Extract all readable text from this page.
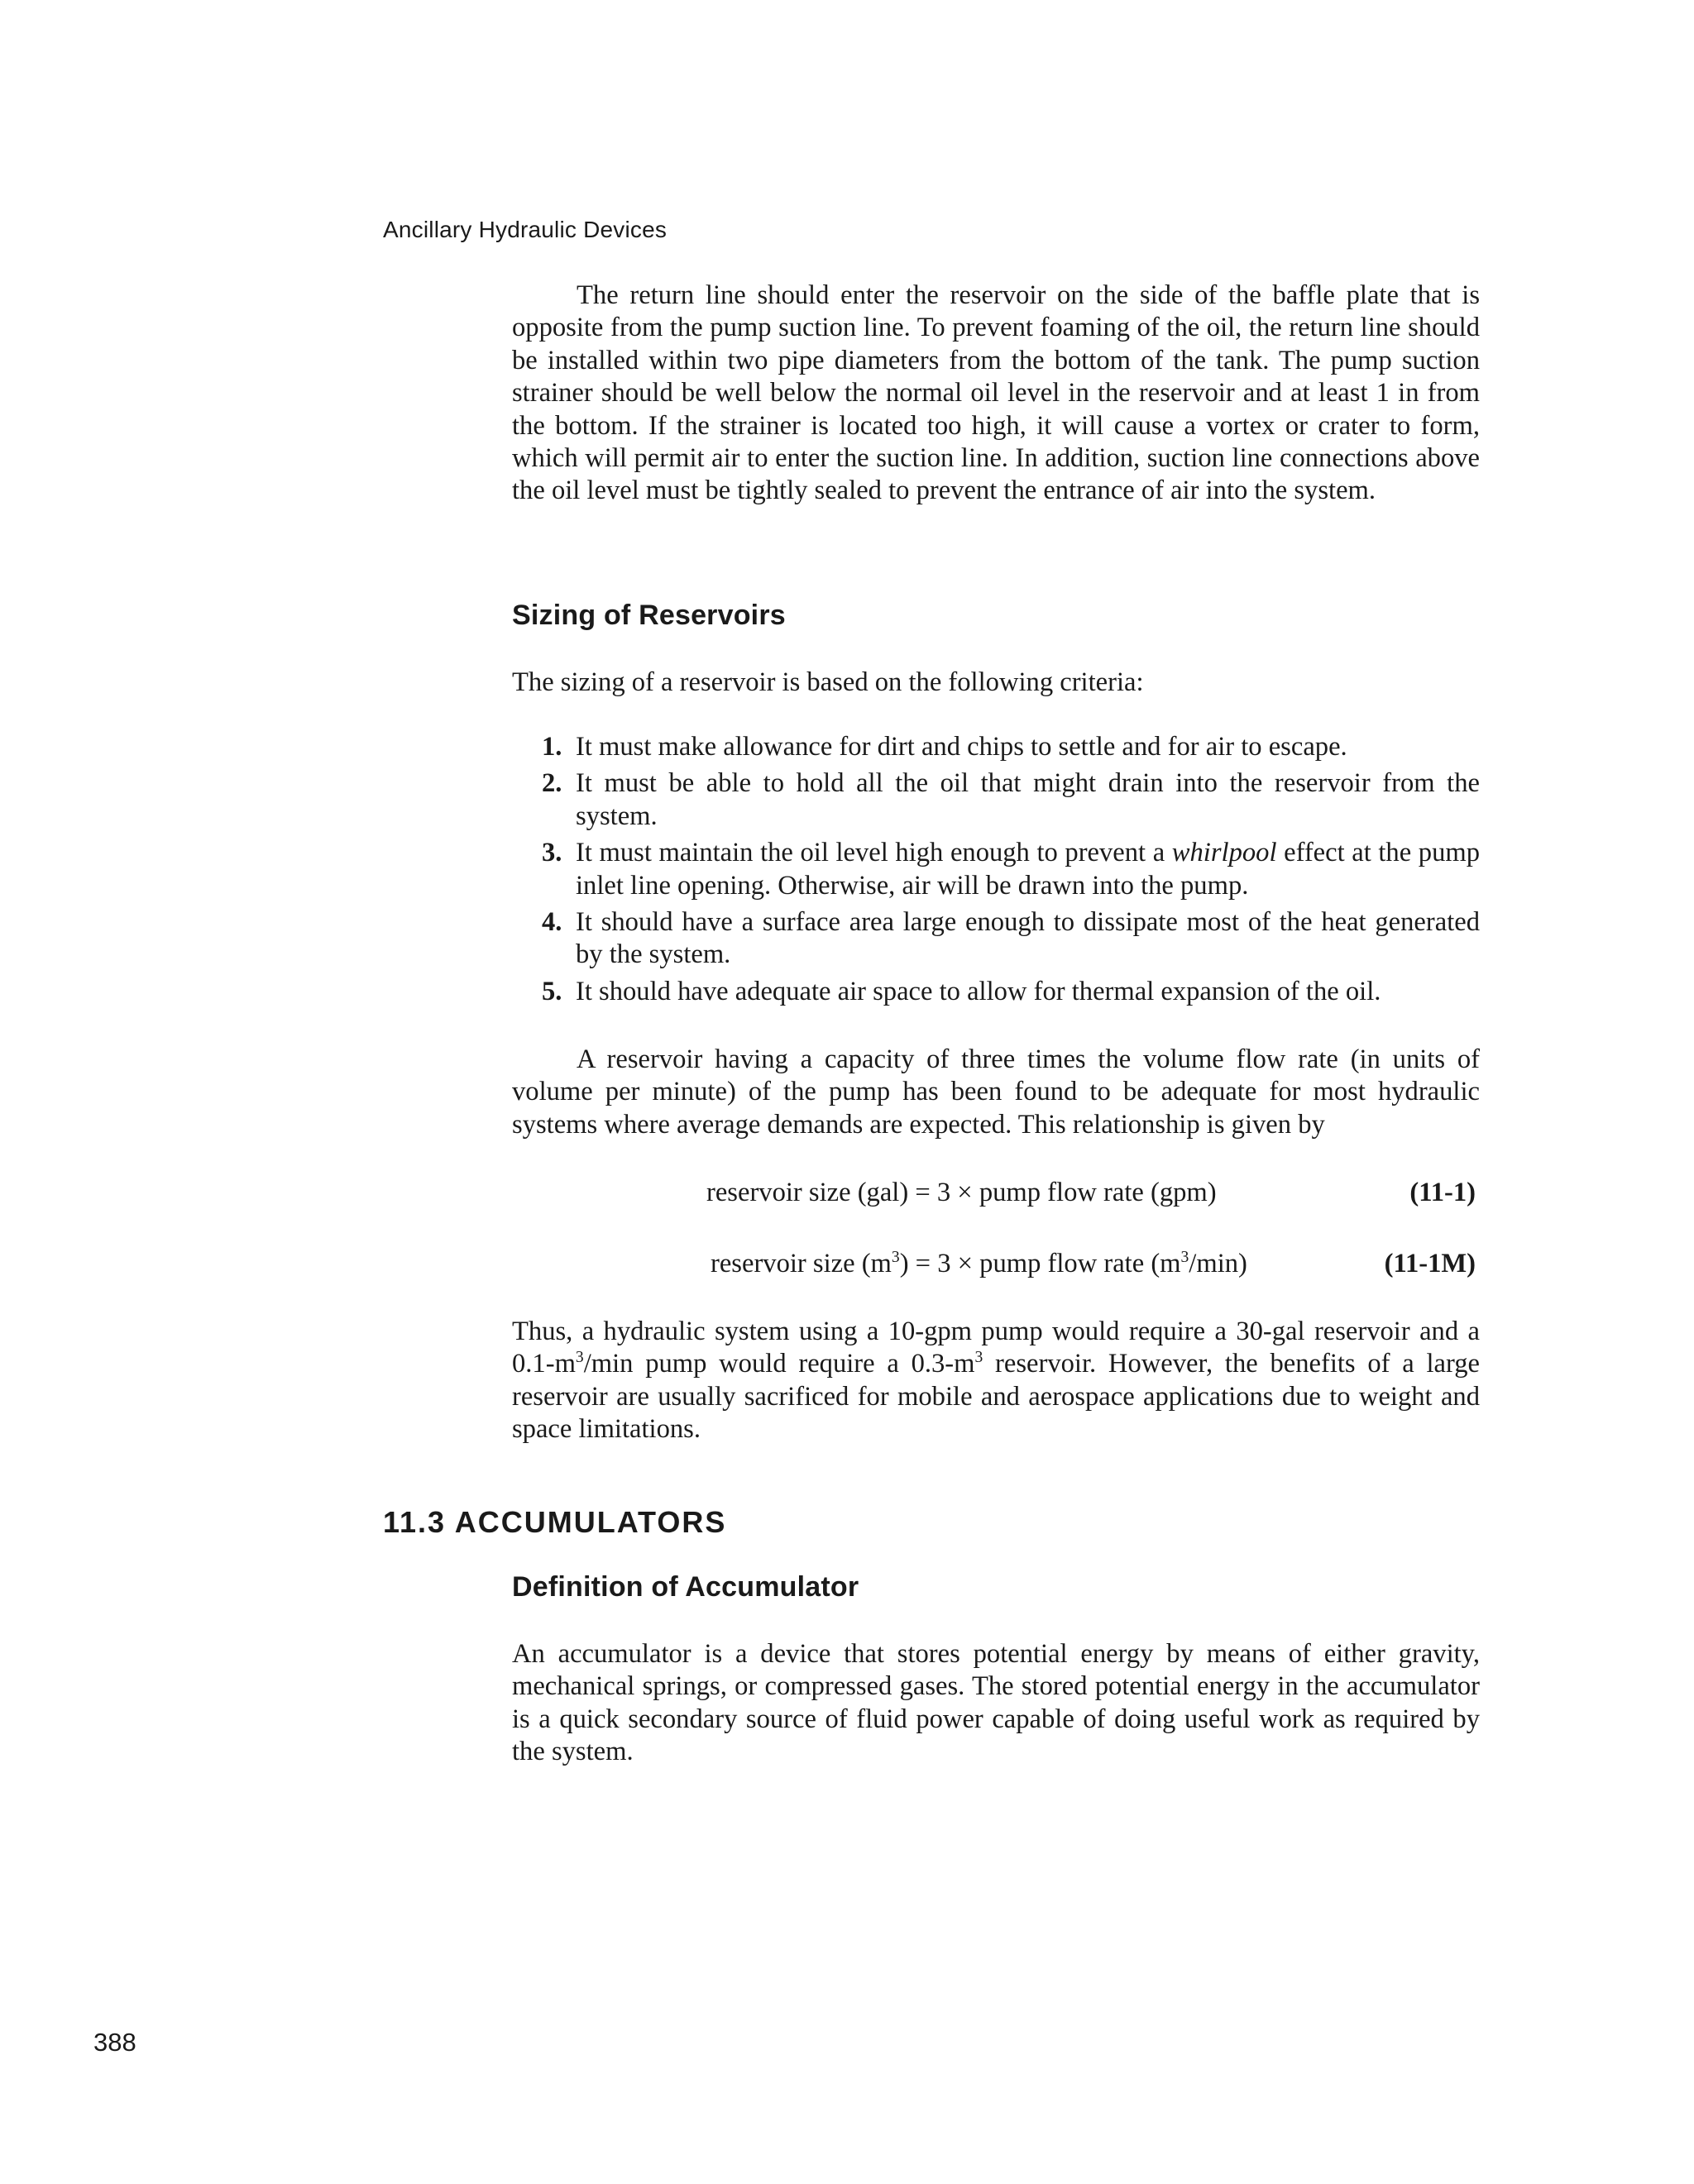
Ancillary Hydraulic Devices

The return line should enter the reservoir on the side of the baffle plate that is opposite from the pump suction line. To prevent foaming of the oil, the return line should be installed within two pipe diameters from the bottom of the tank. The pump suction strainer should be well below the normal oil level in the reservoir and at least 1 in from the bottom. If the strainer is located too high, it will cause a vortex or crater to form, which will permit air to enter the suction line. In addition, suction line connections above the oil level must be tightly sealed to prevent the entrance of air into the system.

Sizing of Reservoirs

The sizing of a reservoir is based on the following criteria:

1. It must make allowance for dirt and chips to settle and for air to escape.
2. It must be able to hold all the oil that might drain into the reservoir from the system.
3. It must maintain the oil level high enough to prevent a whirlpool effect at the pump inlet line opening. Otherwise, air will be drawn into the pump.
4. It should have a surface area large enough to dissipate most of the heat generated by the system.
5. It should have adequate air space to allow for thermal expansion of the oil.

A reservoir having a capacity of three times the volume flow rate (in units of volume per minute) of the pump has been found to be adequate for most hydraulic systems where average demands are expected. This relationship is given by

reservoir size (gal) = 3 × pump flow rate (gpm)	(11-1)
reservoir size $(m^3) = 3$ × pump flow rate $(m^3/\min)$	(11-1M)

Thus, a hydraulic system using a 10-gpm pump would require a 30-gal reservoir and a $0.1-m^3/\min$ pump would require a $0.3-m^3$ reservoir. However, the benefits of a large reservoir are usually sacrificed for mobile and aerospace applications due to weight and space limitations.

11.3 ACCUMULATORS
Definition of Accumulator

An accumulator is a device that stores potential energy by means of either gravity, mechanical springs, or compressed gases. The stored potential energy in the accumulator is a quick secondary source of fluid power capable of doing useful work as required by the system.

388
